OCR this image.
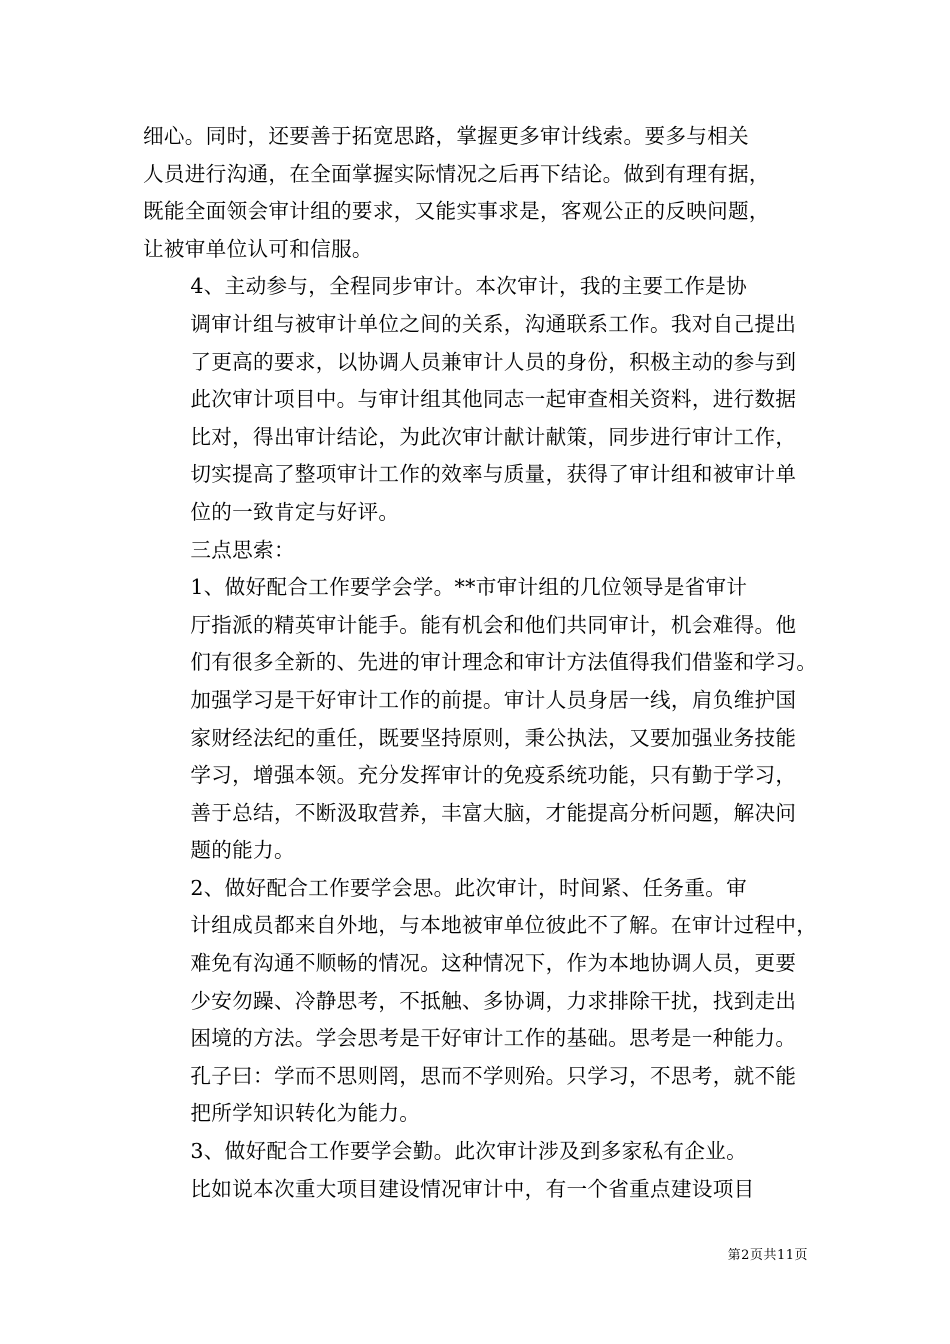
细心。同时，还要善于拓宽思路，掌握更多审计线索。要多与相关
人员进行沟通，在全面掌握实际情况之后再下结论。做到有理有据，
既能全面领会审计组的要求，又能实事求是，客观公正的反映问题，
让被审单位认可和信服。

4、主动参与，全程同步审计。本次审计，我的主要工作是协
调审计组与被审计单位之间的关系，沟通联系工作。我对自己提出
了更高的要求，以协调人员兼审计人员的身份，积极主动的参与到
此次审计项目中。与审计组其他同志一起审查相关资料，进行数据
比对，得出审计结论，为此次审计献计献策，同步进行审计工作，
切实提高了整项审计工作的效率与质量，获得了审计组和被审计单
位的一致肯定与好评。

三点思索：

1、做好配合工作要学会学。**市审计组的几位领导是省审计
厅指派的精英审计能手。能有机会和他们共同审计，机会难得。他
们有很多全新的、先进的审计理念和审计方法值得我们借鉴和学习。
加强学习是干好审计工作的前提。审计人员身居一线，肩负维护国
家财经法纪的重任，既要坚持原则，秉公执法，又要加强业务技能
学习，增强本领。充分发挥审计的免疫系统功能，只有勤于学习，
善于总结，不断汲取营养，丰富大脑，才能提高分析问题，解决问
题的能力。

2、做好配合工作要学会思。此次审计，时间紧、任务重。审
计组成员都来自外地，与本地被审单位彼此不了解。在审计过程中，
难免有沟通不顺畅的情况。这种情况下，作为本地协调人员，更要
少安勿躁、冷静思考，不抵触、多协调，力求排除干扰，找到走出
困境的方法。学会思考是干好审计工作的基础。思考是一种能力。
孔子曰：学而不思则罔，思而不学则殆。只学习，不思考，就不能
把所学知识转化为能力。

3、做好配合工作要学会勤。此次审计涉及到多家私有企业。
比如说本次重大项目建设情况审计中，有一个省重点建设项目

第2页共11页
